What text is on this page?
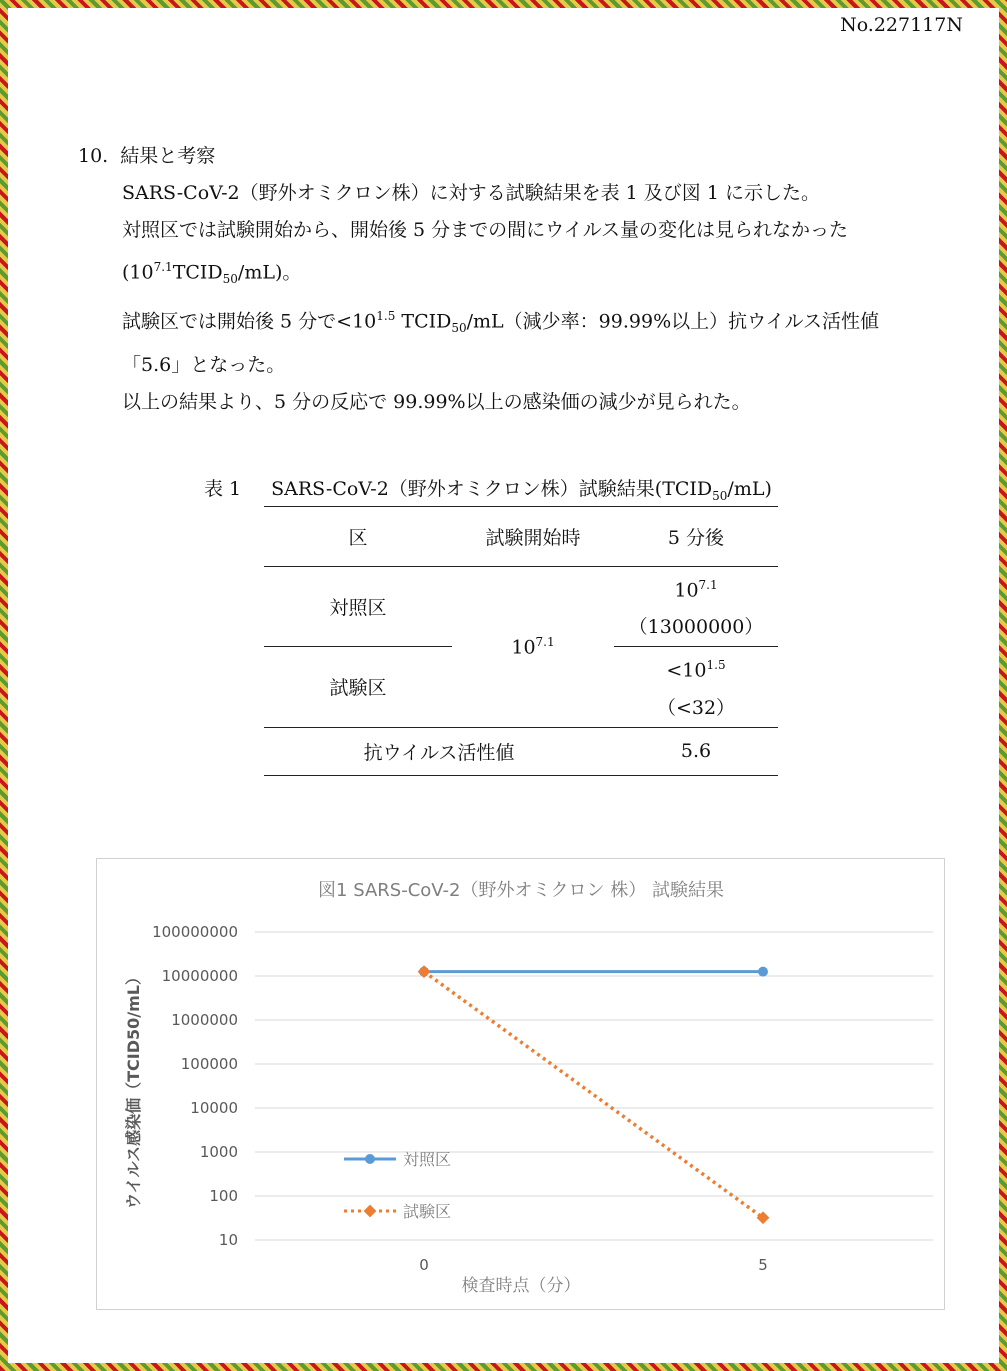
No.227117N
10. 結果と考察
SARS-CoV-2（野外オミクロン株）に対する試験結果を表 1 及び図 1 に示した。
対照区では試験開始から、開始後 5 分までの間にウイルス量の変化は見られなかった
$(10^{7.1}TCID_{50}/mL)$。
試験区では開始後 5 分で$<10^{1.5}$ $TCID_{50}/mL$（減少率：99.99%以上）抗ウイルス活性値
「5.6」となった。
以上の結果より、5 分の反応で 99.99%以上の感染価の減少が見られた。
表 1 SARS-CoV-2（野外オミクロン株）試験結果$(TCID_{50}/mL)$
区	試験開始時	5 分後
対照区	$10^{7.1}$	$10^{7.1}$
（13000000）

試験区		$<10^{1.5}$
（<32）

抗ウイルス活性値		5.6
図1 SARS-CoV-2（野外オミクロン 株） 試験結果
100000000
10000000
1000000
100000
10000
1000
100
10
0	5
対照区
試験区
検査時点（分）
ウイルス感染価（TCID50/mL）
